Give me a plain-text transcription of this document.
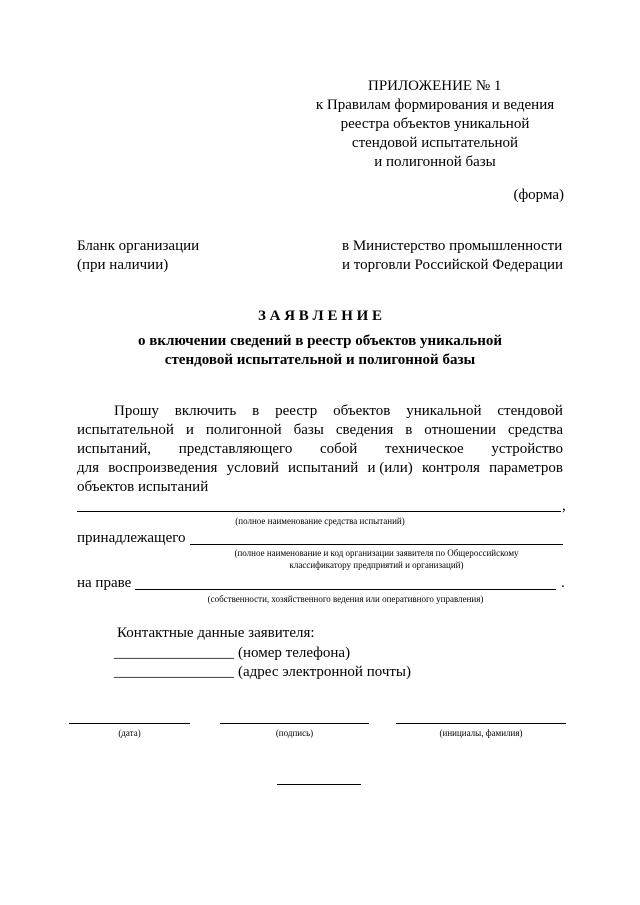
ПРИЛОЖЕНИЕ № 1
к Правилам формирования и ведения
реестра объектов уникальной
стендовой испытательной
и полигонной базы
(форма)
Бланк организации
(при наличии)
в Министерство промышленности
и торговли Российской Федерации
З А Я В Л Е Н И Е
о включении сведений в реестр объектов уникальной
стендовой испытательной и полигонной базы
Прошу включить в реестр объектов уникальной стендовой
испытательной и полигонной базы сведения в отношении средства
испытаний, представляющего собой техническое устройство
для воспроизведения условий испытаний и (или) контроля параметров
объектов испытаний
,
(полное наименование средства испытаний)
принадлежащего
(полное наименование и код организации заявителя по Общероссийскому
классификатору предприятий и организаций)
на праве	.
(собственности, хозяйственного ведения или оперативного управления)
Контактные данные заявителя:
________________ (номер телефона)
________________ (адрес электронной почты)
(дата)	(подпись)	(инициалы, фамилия)
